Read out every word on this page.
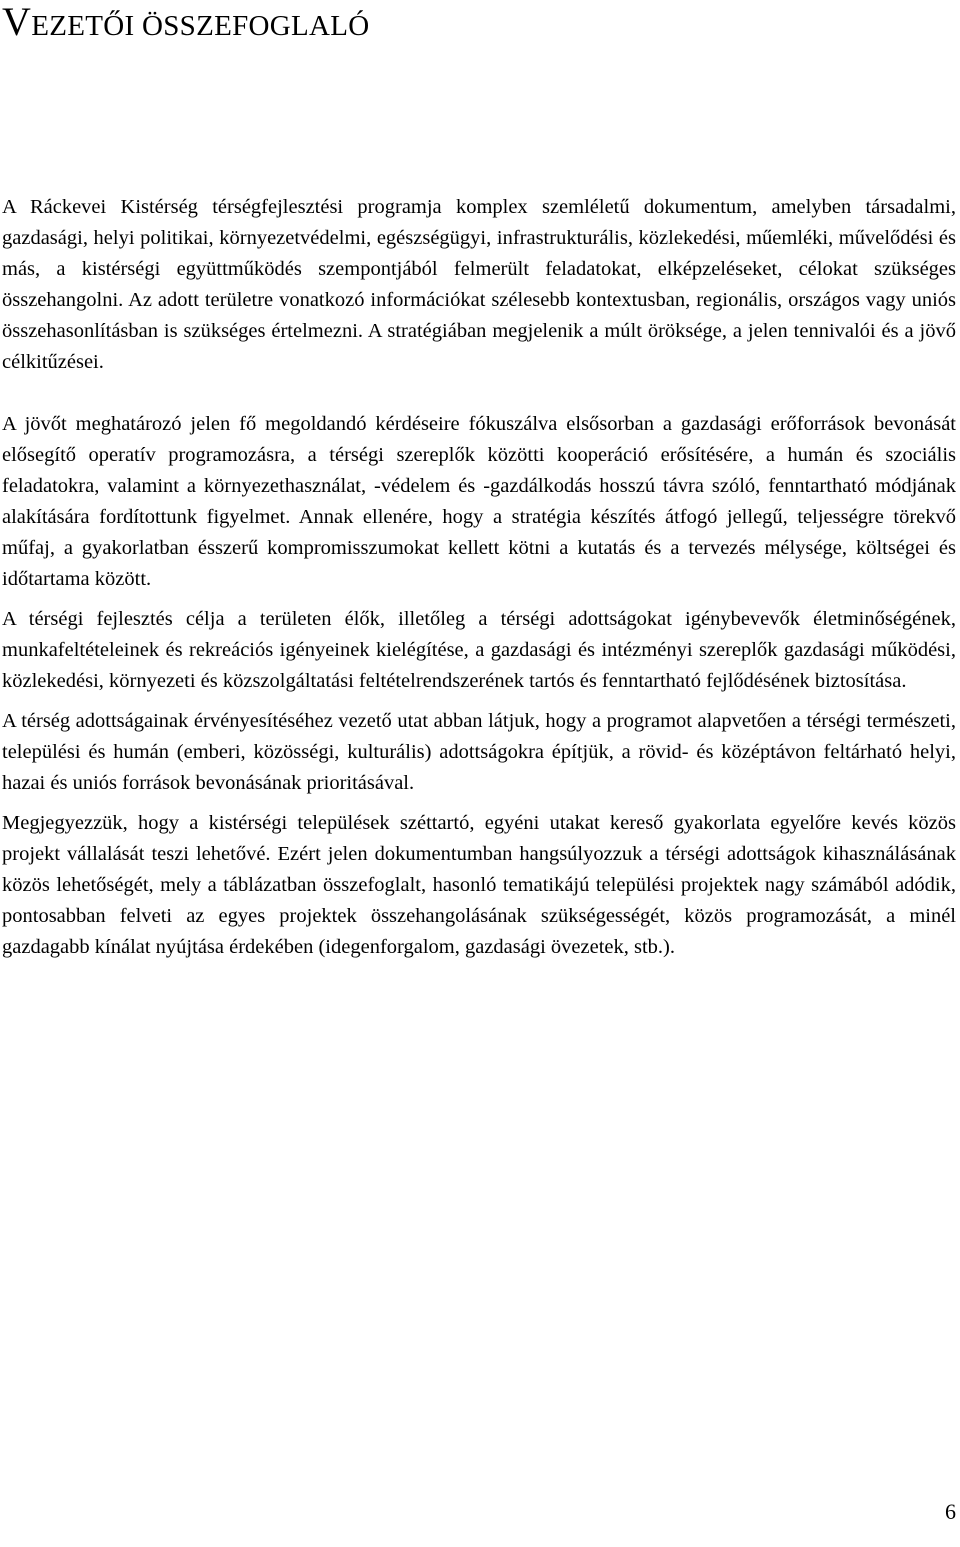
VEZETŐI ÖSSZEFOGLALÓ

A Ráckevei Kistérség térségfejlesztési programja komplex szemléletű dokumentum, amelyben társadalmi, gazdasági, helyi politikai, környezetvédelmi, egészségügyi, infrastrukturális, közlekedési, műemléki, művelődési és más, a kistérségi együttműködés szempontjából felmerült feladatokat, elképzeléseket, célokat szükséges összehangolni. Az adott területre vonatkozó információkat szélesebb kontextusban, regionális, országos vagy uniós összehasonlításban is szükséges értelmezni. A stratégiában megjelenik a múlt öröksége, a jelen tennivalói és a jövő célkitűzései.

A jövőt meghatározó jelen fő megoldandó kérdéseire fókuszálva elsősorban a gazdasági erőforrások bevonását elősegítő operatív programozásra, a térségi szereplők közötti kooperáció erősítésére, a humán és szociális feladatokra, valamint a környezethasználat, -védelem és -gazdálkodás hosszú távra szóló, fenntartható módjának alakítására fordítottunk figyelmet. Annak ellenére, hogy a stratégia készítés átfogó jellegű, teljességre törekvő műfaj, a gyakorlatban ésszerű kompromisszumokat kellett kötni a kutatás és a tervezés mélysége, költségei és időtartama között.

A térségi fejlesztés célja a területen élők, illetőleg a térségi adottságokat igénybevevők életminőségének, munkafeltételeinek és rekreációs igényeinek kielégítése, a gazdasági és intézményi szereplők gazdasági működési, közlekedési, környezeti és közszolgáltatási feltételrendszerének tartós és fenntartható fejlődésének biztosítása.

A térség adottságainak érvényesítéséhez vezető utat abban látjuk, hogy a programot alapvetően a térségi természeti, települési és humán (emberi, közösségi, kulturális) adottságokra építjük, a rövid- és középtávon feltárható helyi, hazai és uniós források bevonásának prioritásával.

Megjegyezzük, hogy a kistérségi települések széttartó, egyéni utakat kereső gyakorlata egyelőre kevés közös projekt vállalását teszi lehetővé. Ezért jelen dokumentumban hangsúlyozzuk a térségi adottságok kihasználásának közös lehetőségét, mely a táblázatban összefoglalt, hasonló tematikájú települési projektek nagy számából adódik, pontosabban felveti az egyes projektek összehangolásának szükségességét, közös programozását, a minél gazdagabb kínálat nyújtása érdekében (idegenforgalom, gazdasági övezetek, stb.).

6
